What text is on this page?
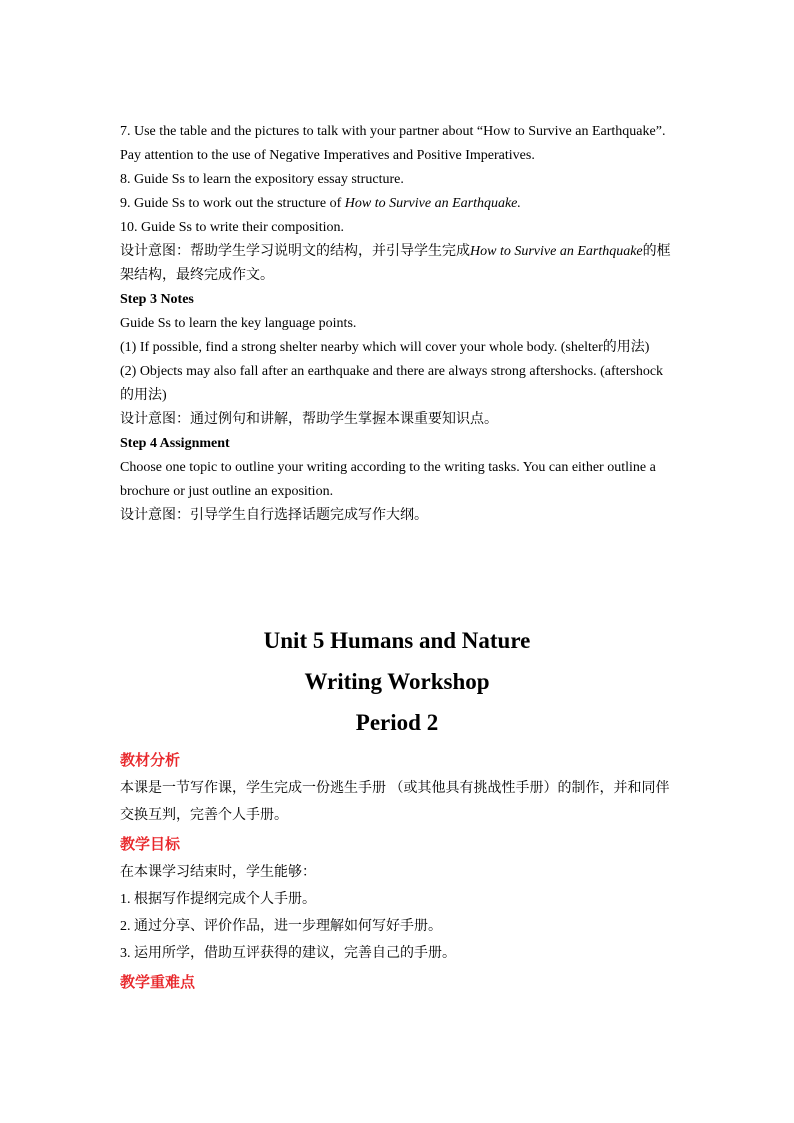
7. Use the table and the pictures to talk with your partner about “How to Survive an Earthquake”.

Pay attention to the use of Negative Imperatives and Positive Imperatives.

8. Guide Ss to learn the expository essay structure.

9. Guide Ss to work out the structure of How to Survive an Earthquake.

10. Guide Ss to write their composition.

设计意图：帮助学生学习说明文的结构，并引导学生完成How to Survive an Earthquake的框

架结构，最终完成作文。

Step 3 Notes

Guide Ss to learn the key language points.

(1) If possible, find a strong shelter nearby which will cover your whole body. (shelter的用法)

(2) Objects may also fall after an earthquake and there are always strong aftershocks. (aftershock

的用法)

设计意图：通过例句和讲解，帮助学生掌握本课重要知识点。

Step 4 Assignment

Choose one topic to outline your writing according to the writing tasks. You can either outline a

brochure or just outline an exposition.

设计意图：引导学生自行选择话题完成写作大纲。

Unit 5 Humans and Nature

Writing Workshop

Period 2

教材分析

本课是一节写作课，学生完成一份逃生手册 （或其他具有挑战性手册）的制作，并和同伴

交换互判，完善个人手册。

教学目标

在本课学习结束时，学生能够：

1. 根据写作提纲完成个人手册。

2. 通过分享、评价作品，进一步理解如何写好手册。

3. 运用所学，借助互评获得的建议，完善自己的手册。

教学重难点
